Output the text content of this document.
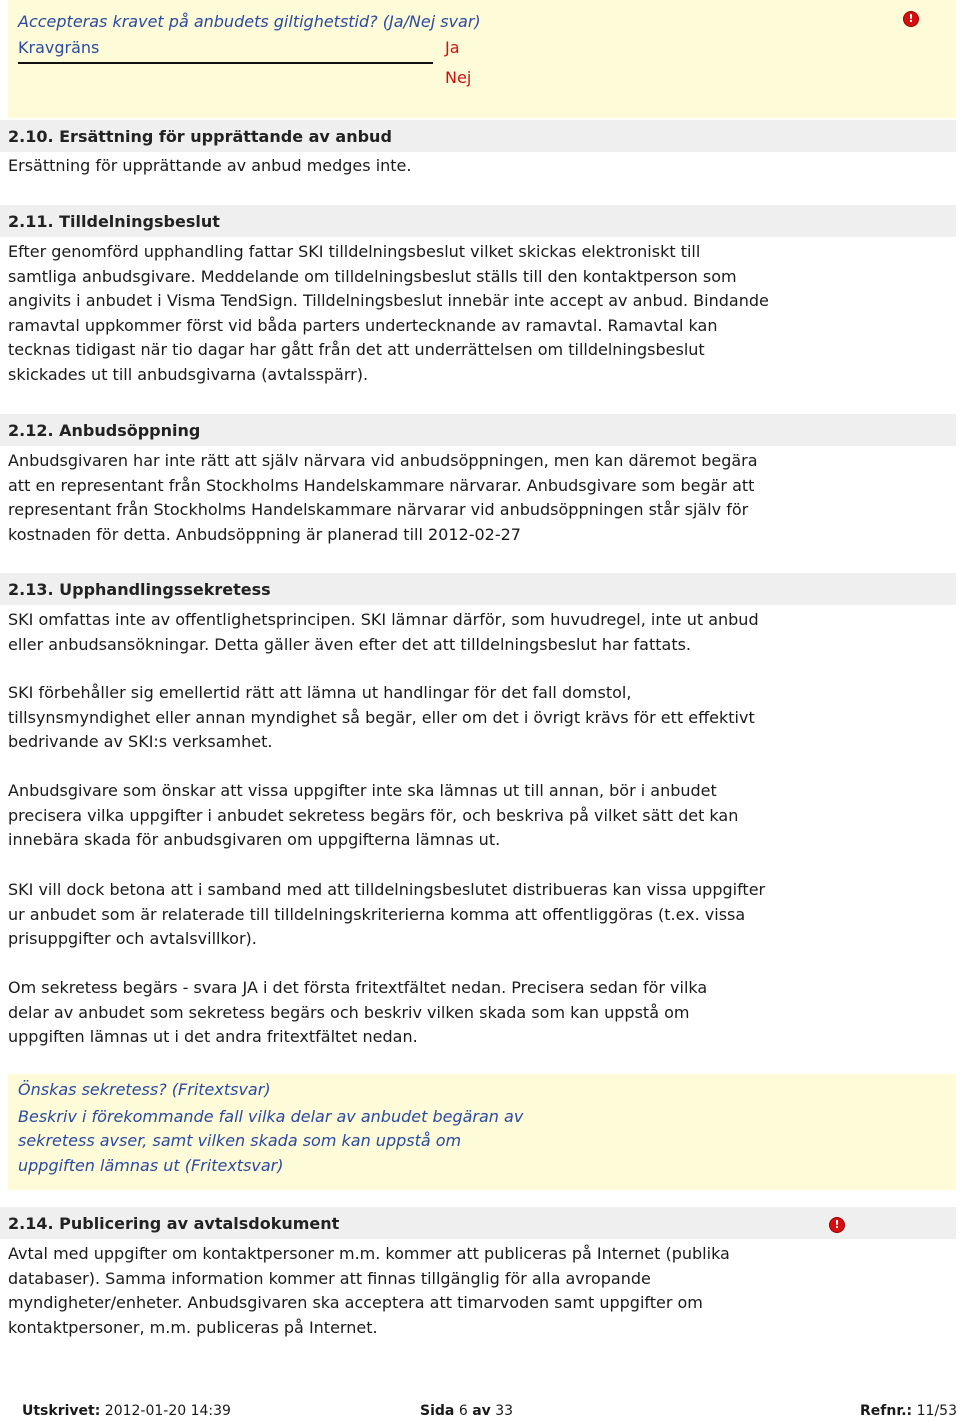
Accepteras kravet på anbudets giltighetstid? (Ja/Nej svar)
Kravgräns	Ja
Nej
!
2.10. Ersättning för upprättande av anbud
Ersättning för upprättande av anbud medges inte.
2.11. Tilldelningsbeslut
Efter genomförd upphandling fattar SKI tilldelningsbeslut vilket skickas elektroniskt till
samtliga anbudsgivare. Meddelande om tilldelningsbeslut ställs till den kontaktperson som
angivits i anbudet i Visma TendSign. Tilldelningsbeslut innebär inte accept av anbud. Bindande
ramavtal uppkommer först vid båda parters undertecknande av ramavtal. Ramavtal kan
tecknas tidigast när tio dagar har gått från det att underrättelsen om tilldelningsbeslut
skickades ut till anbudsgivarna (avtalsspärr).
2.12. Anbudsöppning
Anbudsgivaren har inte rätt att själv närvara vid anbudsöppningen, men kan däremot begära
att en representant från Stockholms Handelskammare närvarar. Anbudsgivare som begär att
representant från Stockholms Handelskammare närvarar vid anbudsöppningen står själv för
kostnaden för detta. Anbudsöppning är planerad till 2012-02-27
2.13. Upphandlingssekretess
SKI omfattas inte av offentlighetsprincipen. SKI lämnar därför, som huvudregel, inte ut anbud
eller anbudsansökningar. Detta gäller även efter det att tilldelningsbeslut har fattats.
SKI förbehåller sig emellertid rätt att lämna ut handlingar för det fall domstol,
tillsynsmyndighet eller annan myndighet så begär, eller om det i övrigt krävs för ett effektivt
bedrivande av SKI:s verksamhet.
Anbudsgivare som önskar att vissa uppgifter inte ska lämnas ut till annan, bör i anbudet
precisera vilka uppgifter i anbudet sekretess begärs för, och beskriva på vilket sätt det kan
innebära skada för anbudsgivaren om uppgifterna lämnas ut.
SKI vill dock betona att i samband med att tilldelningsbeslutet distribueras kan vissa uppgifter
ur anbudet som är relaterade till tilldelningskriterierna komma att offentliggöras (t.ex. vissa
prisuppgifter och avtalsvillkor).
Om sekretess begärs - svara JA i det första fritextfältet nedan. Precisera sedan för vilka
delar av anbudet som sekretess begärs och beskriv vilken skada som kan uppstå om
uppgiften lämnas ut i det andra fritextfältet nedan.
Önskas sekretess? (Fritextsvar)
Beskriv i förekommande fall vilka delar av anbudet begäran av
sekretess avser, samt vilken skada som kan uppstå om
uppgiften lämnas ut (Fritextsvar)
2.14. Publicering av avtalsdokument	!
Avtal med uppgifter om kontaktpersoner m.m. kommer att publiceras på Internet (publika
databaser). Samma information kommer att finnas tillgänglig för alla avropande
myndigheter/enheter. Anbudsgivaren ska acceptera att timarvoden samt uppgifter om
kontaktpersoner, m.m. publiceras på Internet.
Utskrivet: 2012-01-20 14:39	Sida 6 av 33	Refnr.: 11/53
